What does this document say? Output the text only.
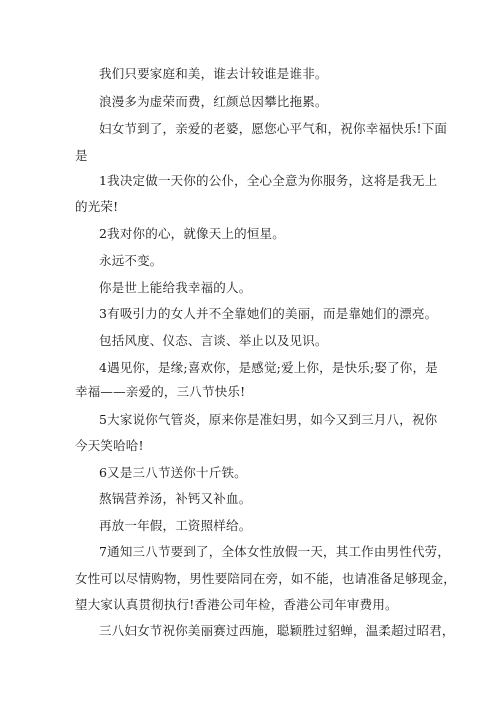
我们只要家庭和美，谁去计较谁是谁非。

浪漫多为虚荣而费，红颜总因攀比拖累。

妇女节到了，亲爱的老婆，愿您心平气和，祝你幸福快乐!下面

是

1我决定做一天你的公仆，全心全意为你服务，这将是我无上

的光荣!

2我对你的心，就像天上的恒星。

永远不变。

你是世上能给我幸福的人。

3有吸引力的女人并不全靠她们的美丽，而是靠她们的漂亮。

包括风度、仪态、言谈、举止以及见识。

4遇见你，是缘;喜欢你，是感觉;爱上你，是快乐;娶了你，是

幸福——亲爱的，三八节快乐!

5大家说你气管炎，原来你是准妇男，如今又到三月八，祝你

今天笑哈哈!

6又是三八节送你十斤铁。

熬锅营养汤，补钙又补血。

再放一年假，工资照样给。

7通知三八节要到了，全体女性放假一天，其工作由男性代劳，

女性可以尽情购物，男性要陪同在旁，如不能，也请准备足够现金，

望大家认真贯彻执行!香港公司年检，香港公司年审费用。

三八妇女节祝你美丽赛过西施，聪颖胜过貂蝉，温柔超过昭君，
